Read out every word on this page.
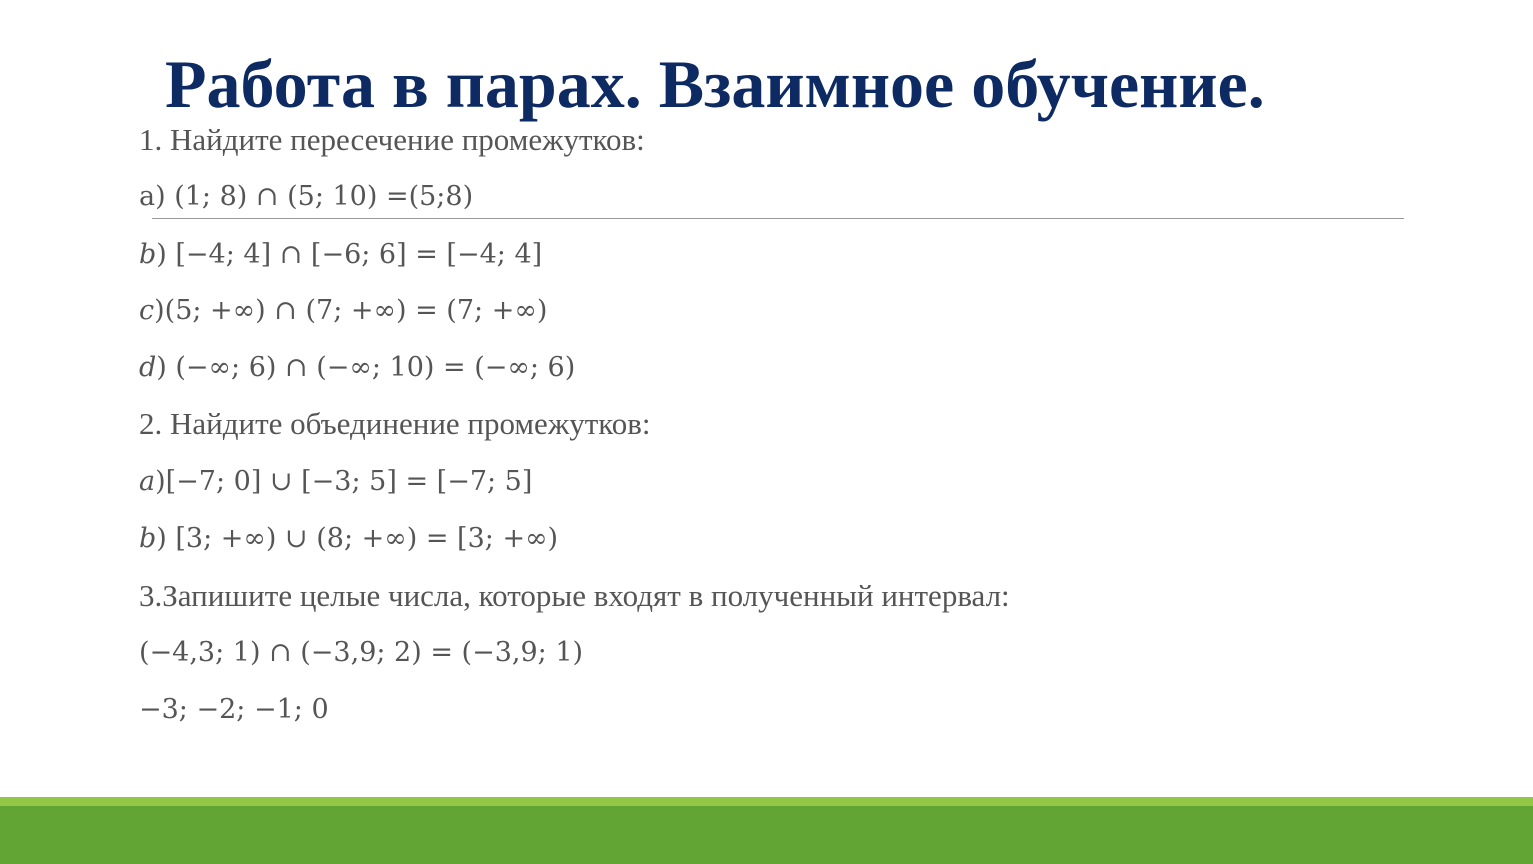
Работа в парах. Взаимное обучение.
1. Найдите пересечение промежутков:
а) (1; 8) ∩ (5; 10) =(5;8)
𝑏) [−4; 4] ∩ [−6; 6] = [−4; 4]
𝑐)(5; +∞) ∩ (7; +∞) = (7; +∞)
𝑑) (−∞; 6) ∩ (−∞; 10) = (−∞; 6)
2. Найдите объединение промежутков:
𝑎)[−7; 0] ∪ [−3; 5] = [−7; 5]
𝑏) [3; +∞) ∪ (8; +∞) = [3; +∞)
3.Запишите целые числа, которые входят в полученный интервал:
(−4,3; 1) ∩ (−3,9; 2) = (−3,9; 1)
−3; −2; −1; 0
